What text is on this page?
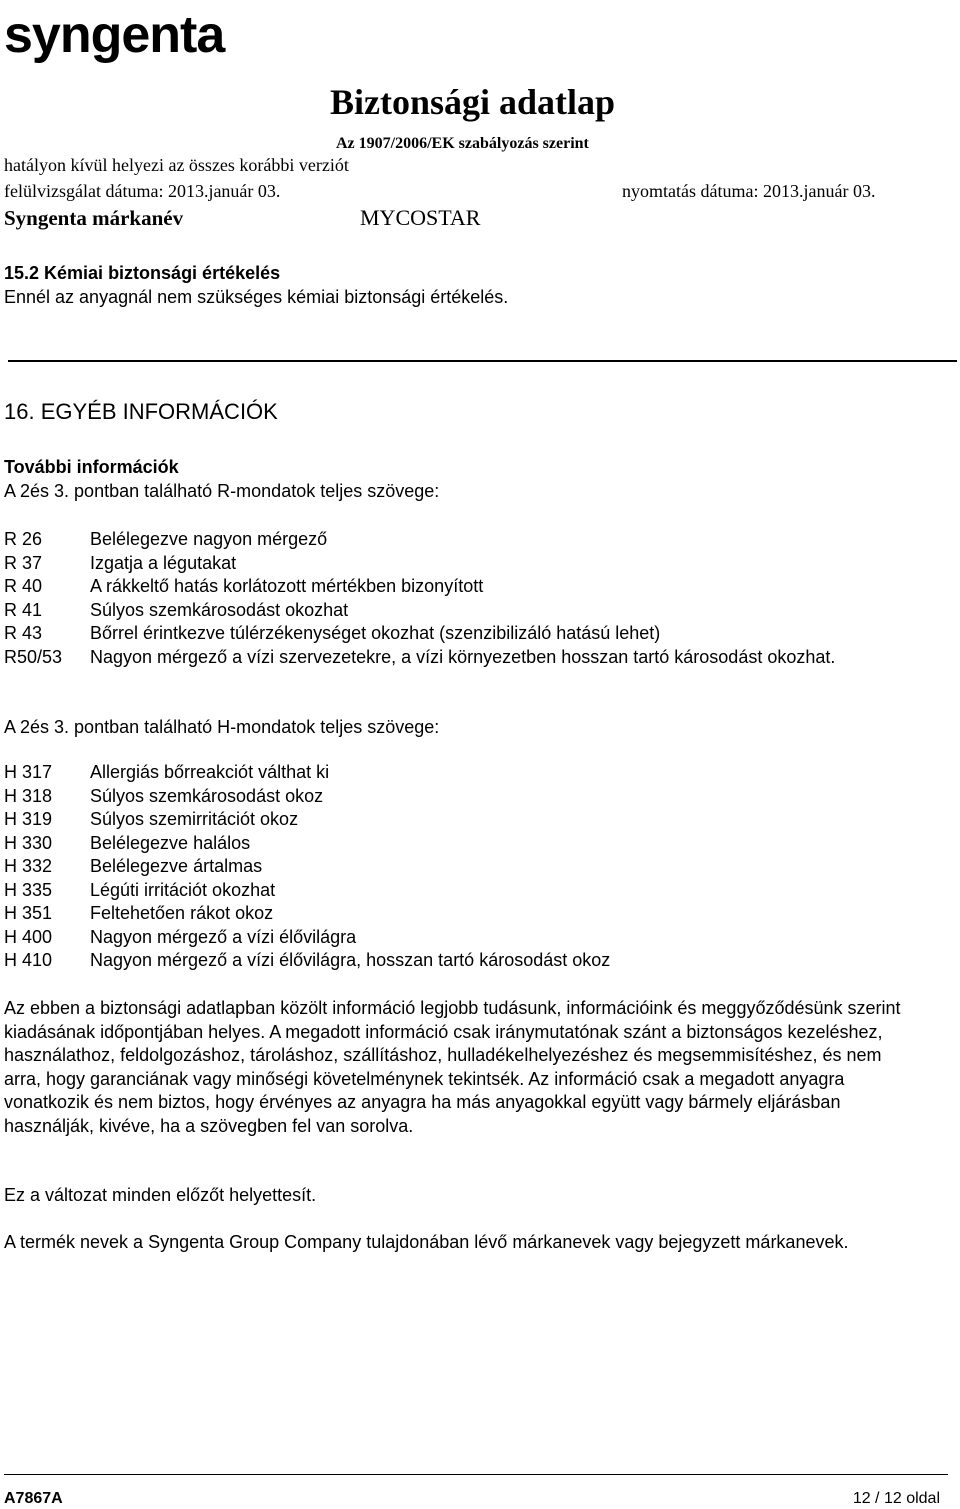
syngenta
Biztonsági adatlap
Az 1907/2006/EK szabályozás szerint
hatályon kívül helyezi az összes korábbi verziót
felülvizsgálat dátuma: 2013.január 03.	nyomtatás dátuma: 2013.január 03.
Syngenta márkanév	MYCOSTAR
15.2 Kémiai biztonsági értékelés
Ennél az anyagnál nem szükséges kémiai biztonsági értékelés.
16. EGYÉB INFORMÁCIÓK
További információk
A 2és 3. pontban található R-mondatok teljes szövege:
R 26	Belélegezve nagyon mérgező
R 37	Izgatja a légutakat
R 40	A rákkeltő hatás korlátozott mértékben bizonyított
R 41	Súlyos szemkárosodást okozhat
R 43	Bőrrel érintkezve túlérzékenységet okozhat (szenzibilizáló hatású lehet)
R50/53	Nagyon mérgező a vízi szervezetekre, a vízi környezetben hosszan tartó károsodást okozhat.
A 2és 3. pontban található H-mondatok teljes szövege:
H 317	Allergiás bőrreakciót válthat ki
H 318	Súlyos szemkárosodást okoz
H 319	Súlyos szemirritációt okoz
H 330	Belélegezve halálos
H 332	Belélegezve ártalmas
H 335	Légúti irritációt okozhat
H 351	Feltehetően rákot okoz
H 400	Nagyon mérgező a vízi élővilágra
H 410	Nagyon mérgező a vízi élővilágra, hosszan tartó károsodást okoz
Az ebben a biztonsági adatlapban közölt információ legjobb tudásunk, információink és meggyőződésünk szerint kiadásának időpontjában helyes. A megadott információ csak iránymutatónak szánt a biztonságos kezeléshez, használathoz, feldolgozáshoz, tároláshoz, szállításhoz, hulladékelhelyezéshez és megsemmisítéshez, és nem arra, hogy garanciának vagy minőségi követelménynek tekintsék. Az információ csak a megadott anyagra vonatkozik és nem biztos, hogy érvényes az anyagra ha más anyagokkal együtt vagy bármely eljárásban használják, kivéve, ha a szövegben fel van sorolva.
Ez a változat minden előzőt helyettesít.
A termék nevek a Syngenta Group Company tulajdonában lévő márkanevek vagy bejegyzett márkanevek.
A7867A	12 / 12 oldal
